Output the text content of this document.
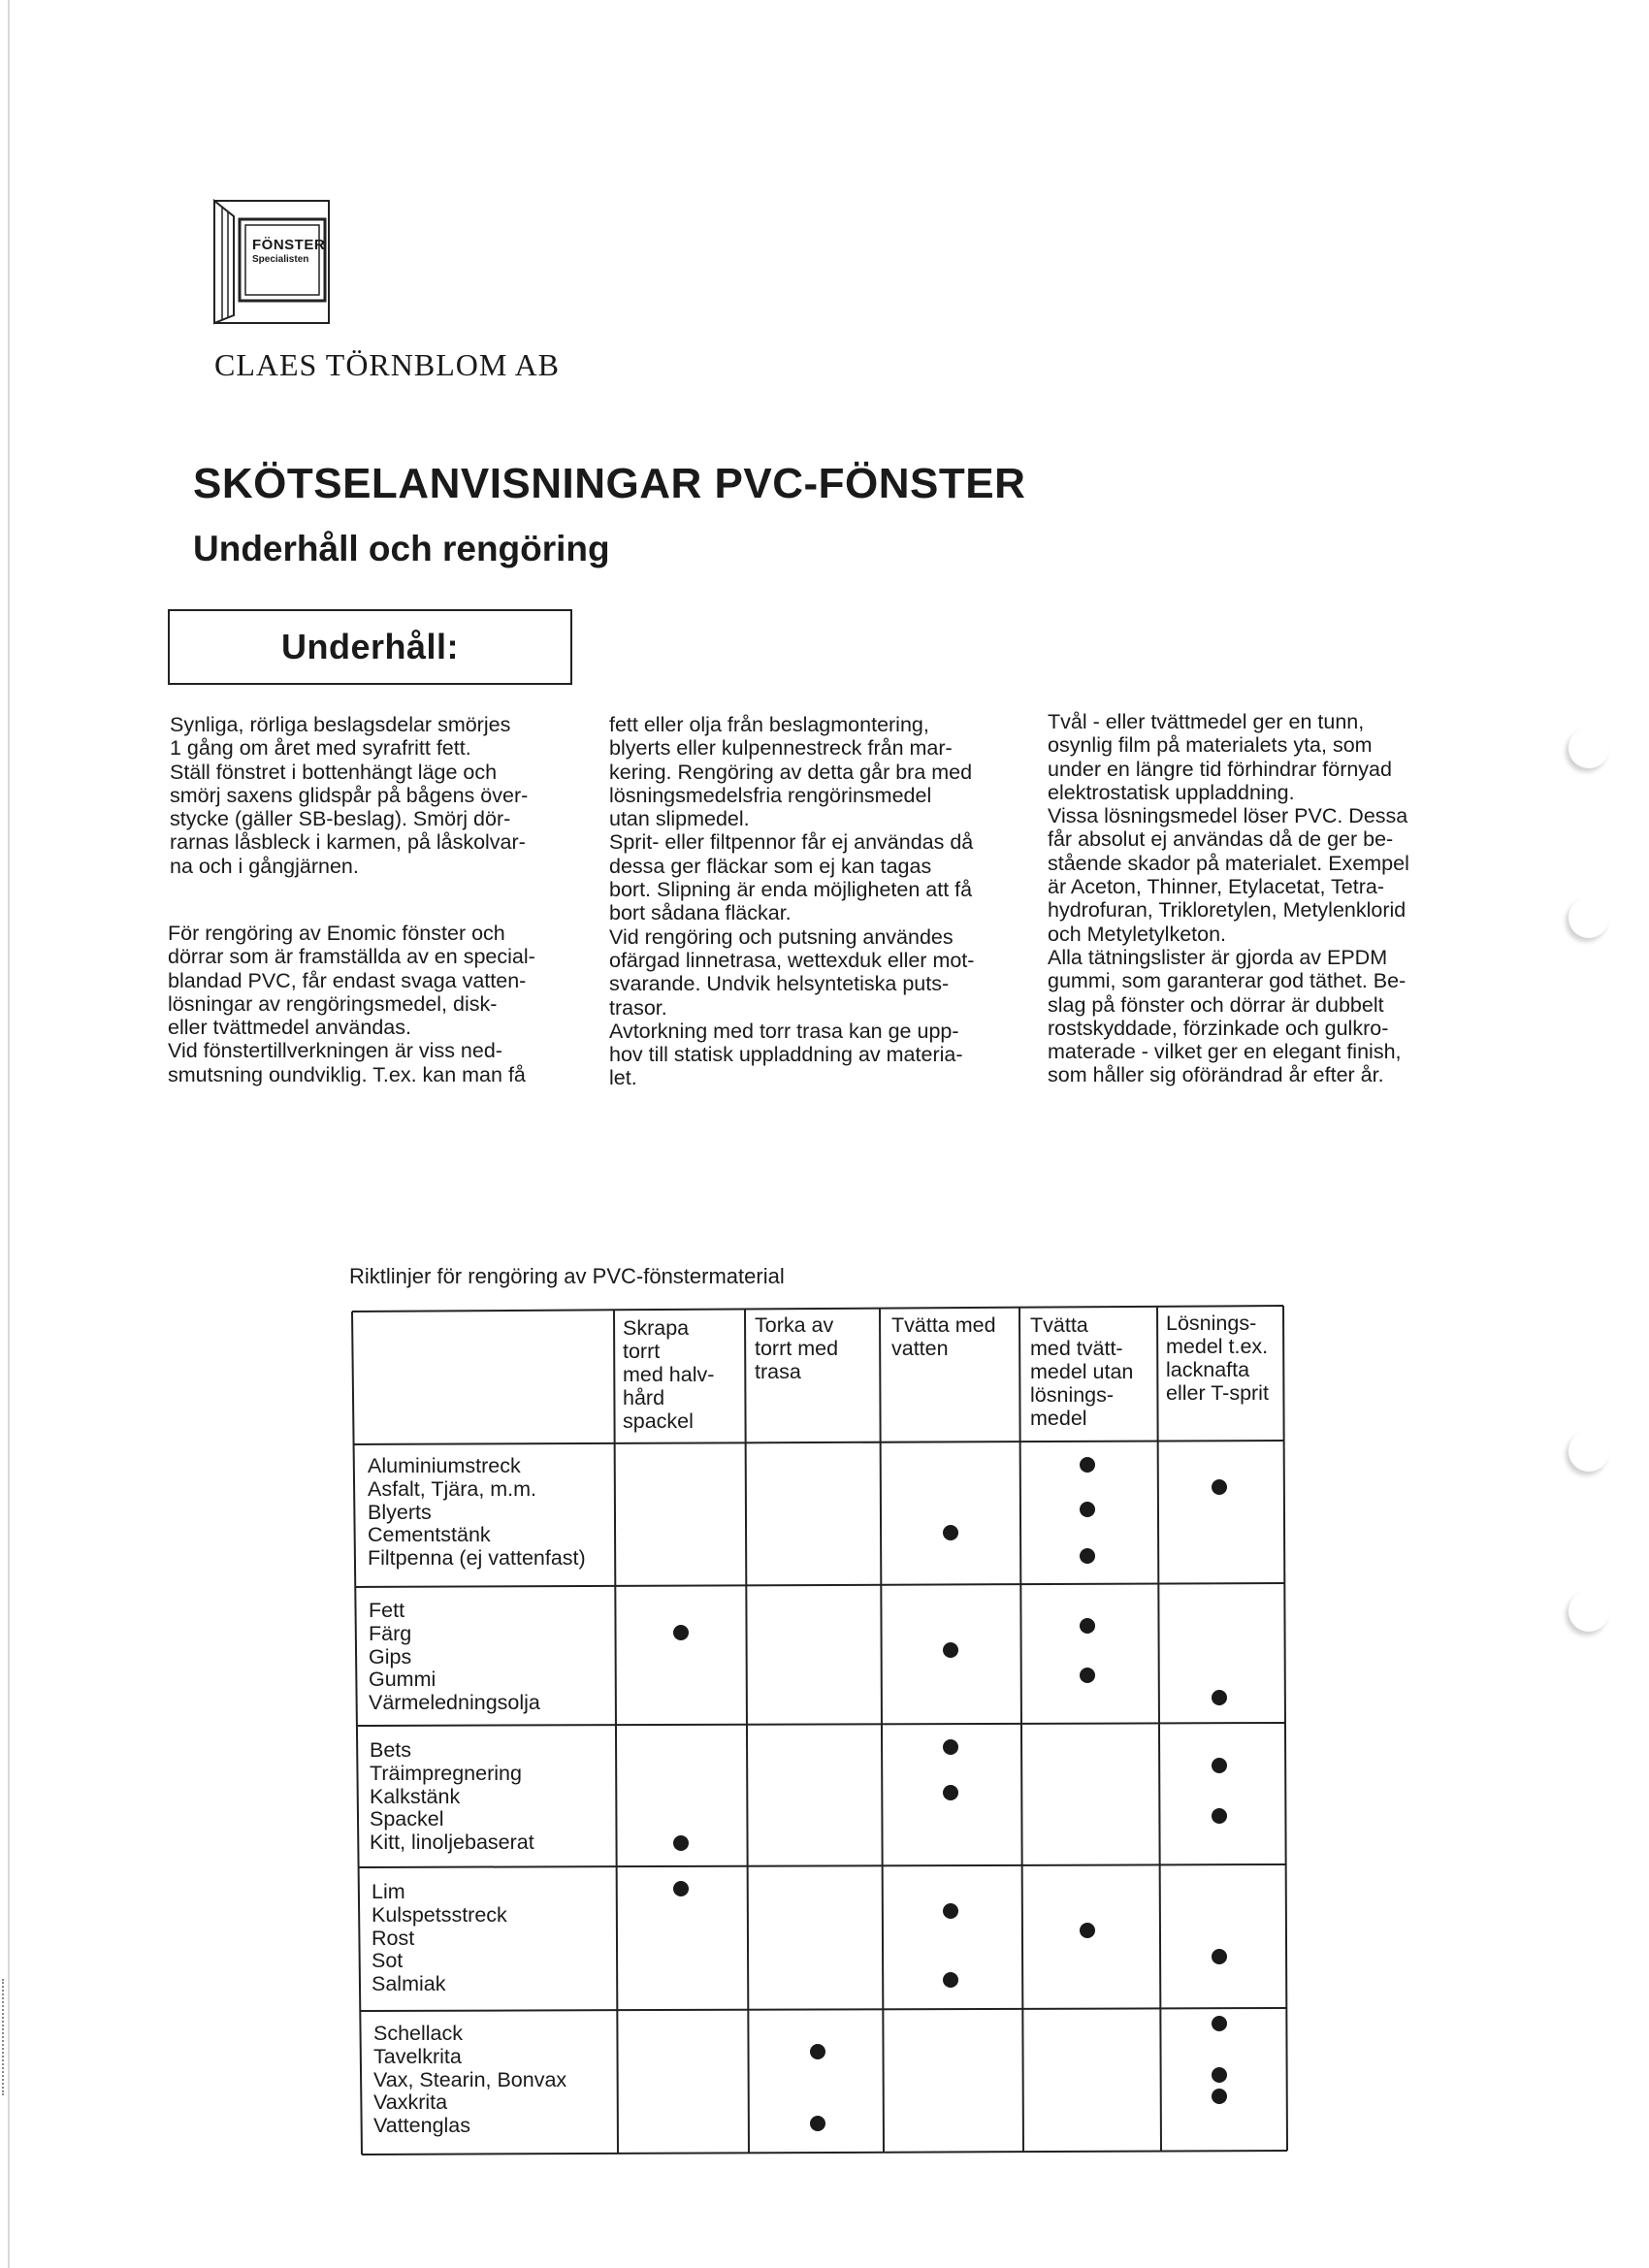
FÖNSTER
Specialisten
CLAES TÖRNBLOM AB
SKÖTSELANVISNINGAR PVC-FÖNSTER
Underhåll och rengöring
Underhåll:
Synliga, rörliga beslagsdelar smörjes
1 gång om året med syrafritt fett.
Ställ fönstret i bottenhängt läge och
smörj saxens glidspår på bågens över-
stycke (gäller SB-beslag). Smörj dör-
rarnas låsbleck i karmen, på låskolvar-
na och i gångjärnen.
För rengöring av Enomic fönster och
dörrar som är framställda av en special-
blandad PVC, får endast svaga vatten-
lösningar av rengöringsmedel, disk-
eller tvättmedel användas.
Vid fönstertillverkningen är viss ned-
smutsning oundviklig. T.ex. kan man få
fett eller olja från beslagmontering,
blyerts eller kulpennestreck från mar-
kering. Rengöring av detta går bra med
lösningsmedelsfria rengörinsmedel
utan slipmedel.
Sprit- eller filtpennor får ej användas då
dessa ger fläckar som ej kan tagas
bort. Slipning är enda möjligheten att få
bort sådana fläckar.
Vid rengöring och putsning användes
ofärgad linnetrasa, wettexduk eller mot-
svarande. Undvik helsyntetiska puts-
trasor.
Avtorkning med torr trasa kan ge upp-
hov till statisk uppladdning av materia-
let.
Tvål - eller tvättmedel ger en tunn,
osynlig film på materialets yta, som
under en längre tid förhindrar förnyad
elektrostatisk uppladdning.
Vissa lösningsmedel löser PVC. Dessa
får absolut ej användas då de ger be-
stående skador på materialet. Exempel
är Aceton, Thinner, Etylacetat, Tetra-
hydrofuran, Trikloretylen, Metylenklorid
och Metyletylketon.
Alla tätningslister är gjorda av EPDM
gummi, som garanterar god täthet. Be-
slag på fönster och dörrar är dubbelt
rostskyddade, förzinkade och gulkro-
materade - vilket ger en elegant finish,
som håller sig oförändrad år efter år.
Riktlinjer för rengöring av PVC-fönstermaterial
Skrapa
torrt
med halv-
hård
spackel
Torka av
torrt med
trasa
Tvätta med
vatten
Tvätta
med tvätt-
medel utan
lösnings-
medel
Lösnings-
medel t.ex.
lacknafta
eller T-sprit
Aluminiumstreck
Asfalt, Tjära, m.m.
Blyerts
Cementstänk
Filtpenna (ej vattenfast)
Fett
Färg
Gips
Gummi
Värmeledningsolja
Bets
Träimpregnering
Kalkstänk
Spackel
Kitt, linoljebaserat
Lim
Kulspetsstreck
Rost
Sot
Salmiak
Schellack
Tavelkrita
Vax, Stearin, Bonvax
Vaxkrita
Vattenglas
